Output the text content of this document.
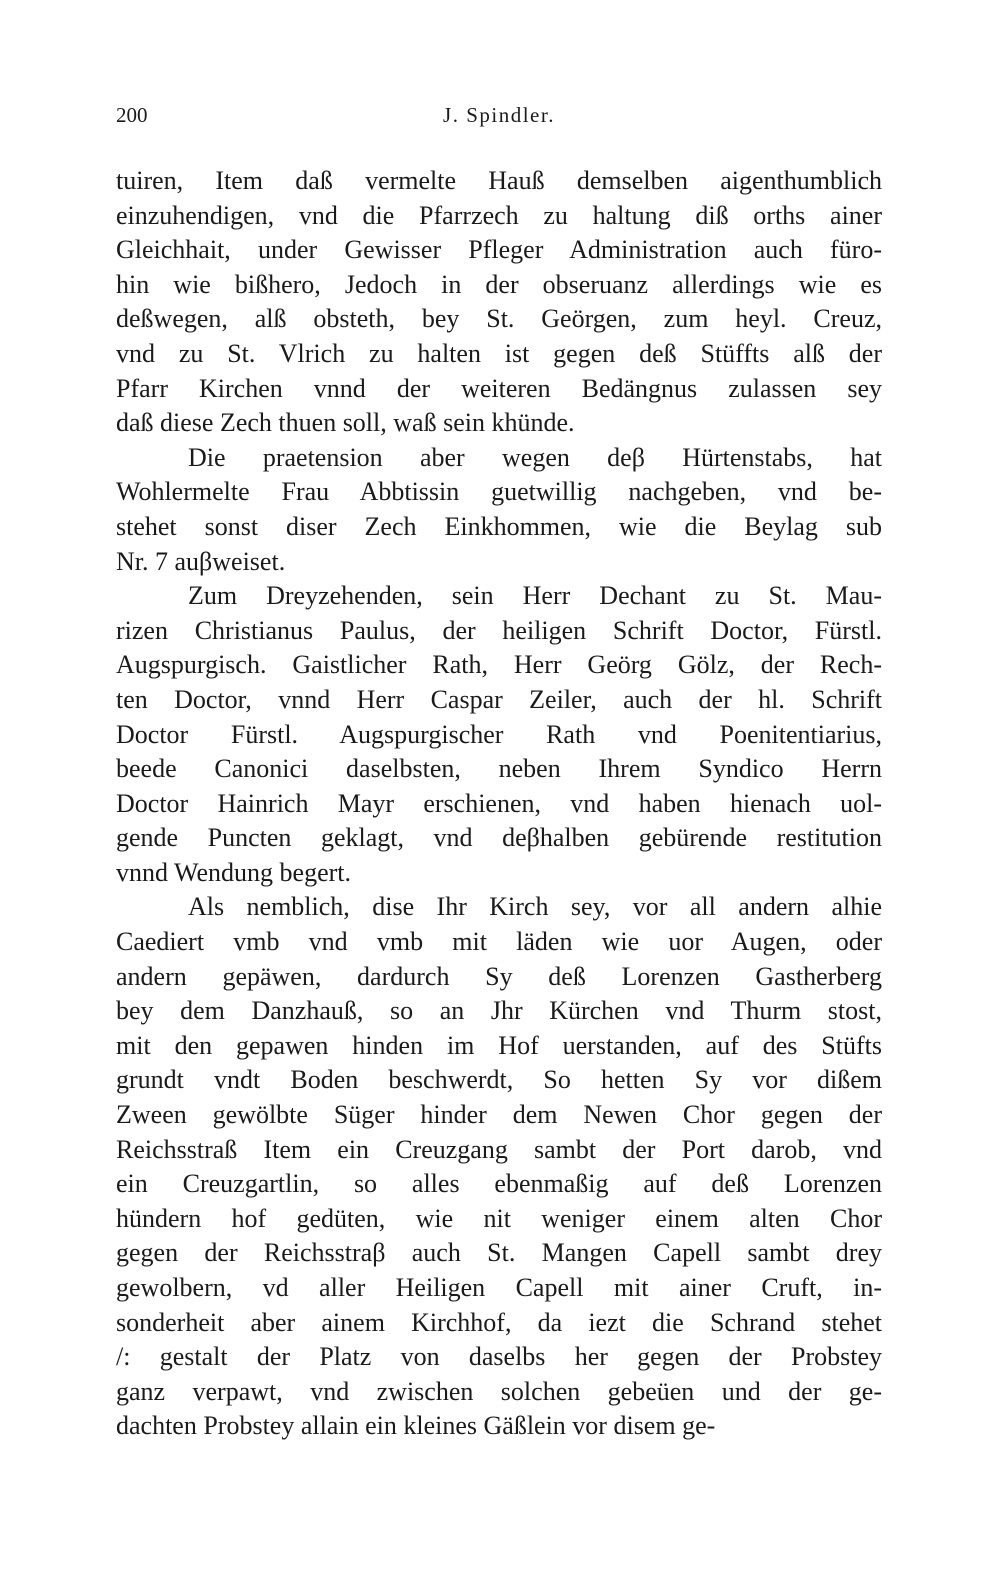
200	J. Spindler.
tuiren, Item daß vermelte Hauß demselben aigenthumblich
einzuhendigen, vnd die Pfarrzech zu haltung diß orths ainer
Gleichhait, under Gewisser Pfleger Administration auch füro-
hin wie bißhero, Jedoch in der obseruanz allerdings wie es
deßwegen, alß obsteth, bey St. Geörgen, zum heyl. Creuz,
vnd zu St. Vlrich zu halten ist gegen deß Stüffts alß der
Pfarr Kirchen vnnd der weiteren Bedängnus zulassen sey
daß diese Zech thuen soll, waß sein khünde.
Die praetension aber wegen deβ Hürtenstabs, hat
Wohlermelte Frau Abbtissin guetwillig nachgeben, vnd be-
stehet sonst diser Zech Einkhommen, wie die Beylag sub
Nr. 7 auβweiset.
Zum Dreyzehenden, sein Herr Dechant zu St. Mau-
rizen Christianus Paulus, der heiligen Schrift Doctor, Fürstl.
Augspurgisch. Gaistlicher Rath, Herr Geörg Gölz, der Rech-
ten Doctor, vnnd Herr Caspar Zeiler, auch der hl. Schrift
Doctor Fürstl. Augspurgischer Rath vnd Poenitentiarius,
beede Canonici daselbsten, neben Ihrem Syndico Herrn
Doctor Hainrich Mayr erschienen, vnd haben hienach uol-
gende Puncten geklagt, vnd deβhalben gebürende restitution
vnnd Wendung begert.
Als nemblich, dise Ihr Kirch sey, vor all andern alhie
Caediert vmb vnd vmb mit läden wie uor Augen, oder
andern gepäwen, dardurch Sy deß Lorenzen Gastherberg
bey dem Danzhauß, so an Jhr Kürchen vnd Thurm stost,
mit den gepawen hinden im Hof uerstanden, auf des Stüfts
grundt vndt Boden beschwerdt, So hetten Sy vor dißem
Zween gewölbte Süger hinder dem Newen Chor gegen der
Reichsstraß Item ein Creuzgang sambt der Port darob, vnd
ein Creuzgartlin, so alles ebenmaßig auf deß Lorenzen
hündern hof gedüten, wie nit weniger einem alten Chor
gegen der Reichsstraβ auch St. Mangen Capell sambt drey
gewolbern, vd aller Heiligen Capell mit ainer Cruft, in-
sonderheit aber ainem Kirchhof, da iezt die Schrand stehet
/: gestalt der Platz von daselbs her gegen der Probstey
ganz verpawt, vnd zwischen solchen gebeüen und der ge-
dachten Probstey allain ein kleines Gäßlein vor disem ge-
